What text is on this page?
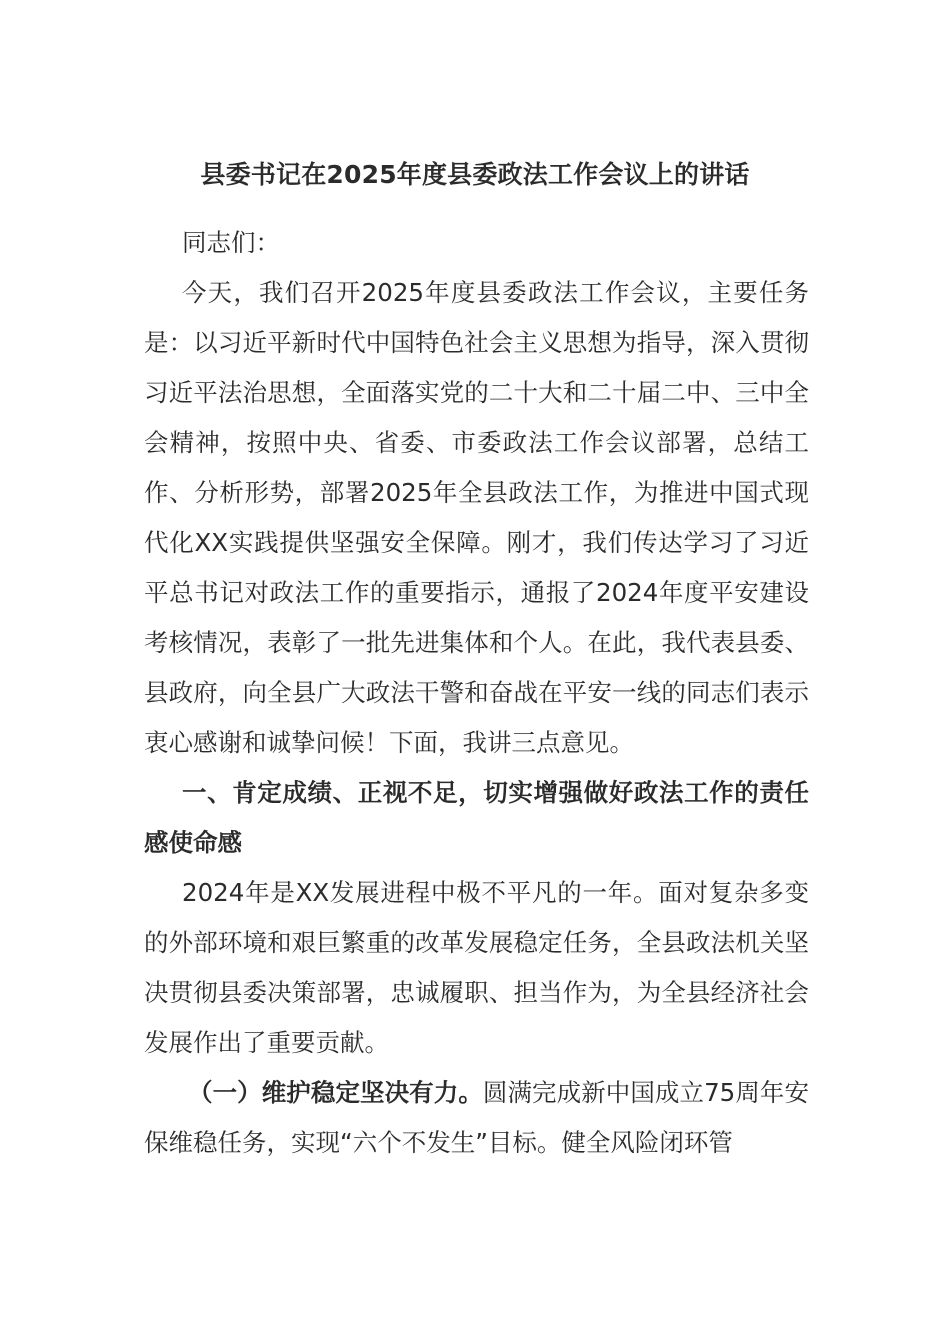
县委书记在2025年度县委政法工作会议上的讲话

同志们：

今天，我们召开2025年度县委政法工作会议，主要任务是：以习近平新时代中国特色社会主义思想为指导，深入贯彻习近平法治思想，全面落实党的二十大和二十届二中、三中全会精神，按照中央、省委、市委政法工作会议部署，总结工作、分析形势，部署2025年全县政法工作，为推进中国式现代化XX实践提供坚强安全保障。刚才，我们传达学习了习近平总书记对政法工作的重要指示，通报了2024年度平安建设考核情况，表彰了一批先进集体和个人。在此，我代表县委、县政府，向全县广大政法干警和奋战在平安一线的同志们表示衷心感谢和诚挚问候！下面，我讲三点意见。

一、肯定成绩、正视不足，切实增强做好政法工作的责任感使命感

2024年是XX发展进程中极不平凡的一年。面对复杂多变的外部环境和艰巨繁重的改革发展稳定任务，全县政法机关坚决贯彻县委决策部署，忠诚履职、担当作为，为全县经济社会发展作出了重要贡献。

（一）维护稳定坚决有力。圆满完成新中国成立75周年安保维稳任务，实现“六个不发生”目标。健全风险闭环管
